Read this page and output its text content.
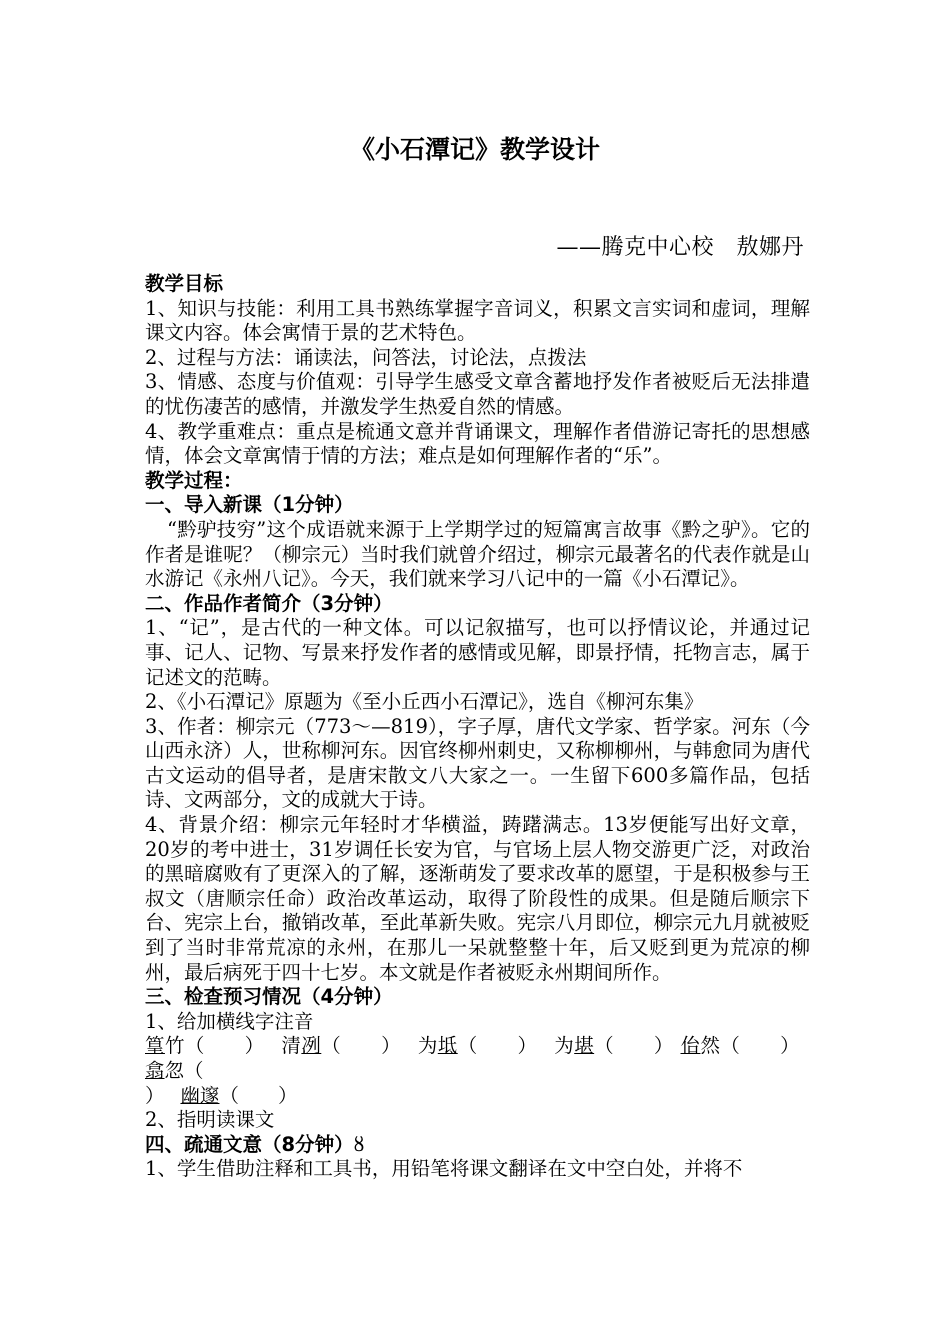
《小石潭记》教学设计
——腾克中心校　敖娜丹
教学目标
1、知识与技能：利用工具书熟练掌握字音词义，积累文言实词和虚词，理解课文内容。体会寓情于景的艺术特色。
2、过程与方法：诵读法，问答法，讨论法，点拨法
3、情感、态度与价值观：引导学生感受文章含蓄地抒发作者被贬后无法排遣的忧伤凄苦的感情，并激发学生热爱自然的情感。
4、教学重难点：重点是梳通文意并背诵课文，理解作者借游记寄托的思想感情，体会文章寓情于情的方法；难点是如何理解作者的“乐”。
教学过程：
一、导入新课（1分钟）
“黔驴技穷”这个成语就来源于上学期学过的短篇寓言故事《黔之驴》。它的作者是谁呢？（柳宗元）当时我们就曾介绍过，柳宗元最著名的代表作就是山水游记《永州八记》。今天，我们就来学习八记中的一篇《小石潭记》。
二、作品作者简介（3分钟）
1、“记”，是古代的一种文体。可以记叙描写，也可以抒情议论，并通过记事、记人、记物、写景来抒发作者的感情或见解，即景抒情，托物言志，属于记述文的范畴。
2、《小石潭记》原题为《至小丘西小石潭记》，选自《柳河东集》
3、作者：柳宗元（773～—819），字子厚，唐代文学家、哲学家。河东（今山西永济）人，世称柳河东。因官终柳州刺史，又称柳柳州，与韩愈同为唐代古文运动的倡导者，是唐宋散文八大家之一。一生留下600多篇作品，包括诗、文两部分，文的成就大于诗。
4、背景介绍：柳宗元年轻时才华横溢，踌躇满志。13岁便能写出好文章，20岁的考中进士，31岁调任长安为官，与官场上层人物交游更广泛，对政治的黑暗腐败有了更深入的了解，逐渐萌发了要求改革的愿望，于是积极参与王叔文（唐顺宗任命）政治改革运动，取得了阶段性的成果。但是随后顺宗下台、宪宗上台，撤销改革，至此革新失败。宪宗八月即位，柳宗元九月就被贬到了当时非常荒凉的永州，在那儿一呆就整整十年，后又贬到更为荒凉的柳州，最后病死于四十七岁。本文就是作者被贬永州期间所作。
三、检查预习情况（4分钟）
1、给加横线字注音
篁竹（　　）　 清冽（　　）　 为坻（　　）　 为堪（　　） 佁然（　　）　 翕忽（
）　 幽邃（　　）
2、指明读课文
四、疏通文意（8分钟）ȣ
1、学生借助注释和工具书，用铅笔将课文翻译在文中空白处，并将不
